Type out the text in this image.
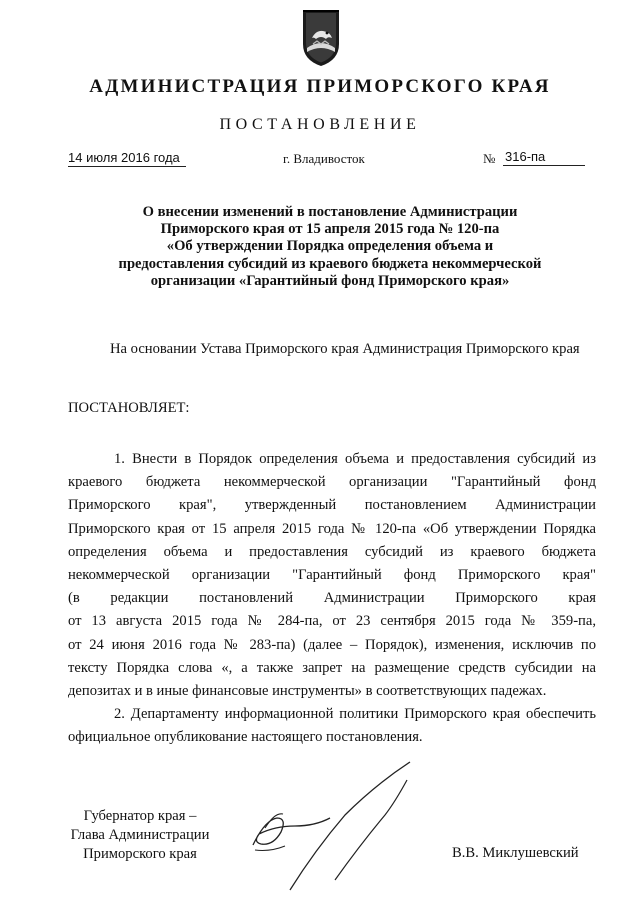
АДМИНИСТРАЦИЯ ПРИМОРСКОГО КРАЯ
ПОСТАНОВЛЕНИЕ
14 июля 2016 года	г. Владивосток	№ 316-па
О внесении изменений в постановление Администрации
Приморского края от 15 апреля 2015 года № 120-па
«Об утверждении Порядка определения объема и
предоставления субсидий из краевого бюджета некоммерческой
организации «Гарантийный фонд Приморского края»
На основании Устава Приморского края Администрация Приморского края
ПОСТАНОВЛЯЕТ:
1. Внести в Порядок определения объема и предоставления субсидий из
краевого бюджета некоммерческой организации "Гарантийный фонд
Приморского края", утвержденный постановлением Администрации
Приморского края от 15 апреля 2015 года № 120-па «Об утверждении Порядка
определения объема и предоставления субсидий из краевого бюджета
некоммерческой организации "Гарантийный фонд Приморского края"
(в редакции постановлений Администрации Приморского края
от 13 августа 2015 года № 284-па, от 23 сентября 2015 года № 359-па,
от 24 июня 2016 года № 283-па) (далее – Порядок), изменения, исключив по
тексту Порядка слова «, а также запрет на размещение средств субсидии на
депозитах и в иные финансовые инструменты» в соответствующих падежах.
2. Департаменту информационной политики Приморского края обеспечить
официальное опубликование настоящего постановления.
Губернатор края –
Глава Администрации
Приморского края	В.В. Миклушевский
